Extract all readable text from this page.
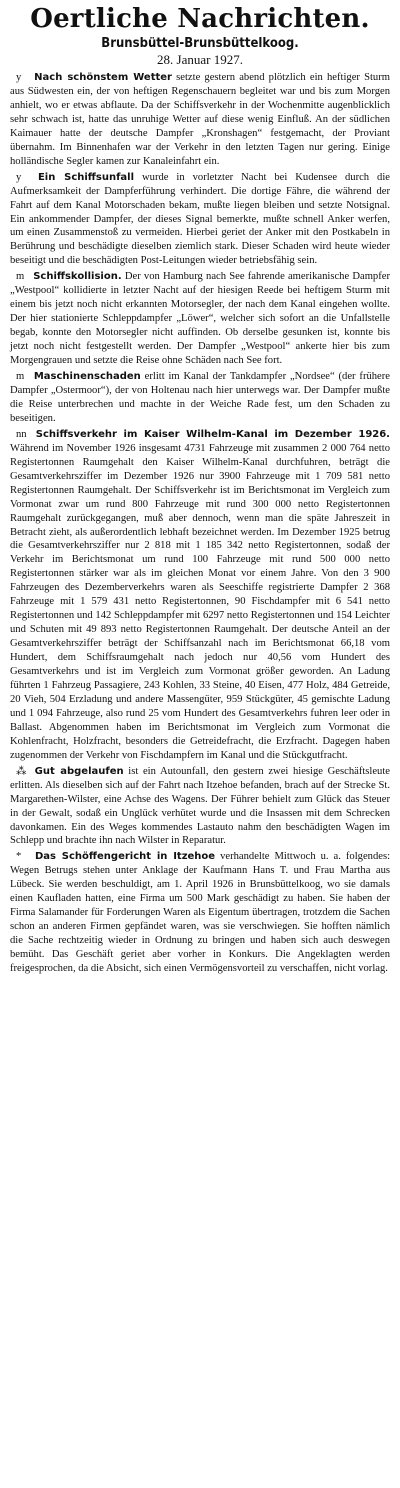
Oertliche Nachrichten.
Brunsbüttel-Brunsbüttelkoog.
28. Januar 1927.

y Nach schönstem Wetter setzte gestern abend plötzlich ein heftiger Sturm aus Südwesten ein, der von heftigen Regenschauern begleitet war und bis zum Morgen anhielt, wo er etwas abflaute. Da der Schiffsverkehr in der Wochenmitte augenblicklich sehr schwach ist, hatte das unruhige Wetter auf diese wenig Einfluß. An der südlichen Kaimauer hatte der deutsche Dampfer „Kronshagen“ festgemacht, der Proviant übernahm. Im Binnenhafen war der Verkehr in den letzten Tagen nur gering. Einige holländische Segler kamen zur Kanaleinfahrt ein.

y Ein Schiffsunfall wurde in vorletzter Nacht bei Kudensee durch die Aufmerksamkeit der Dampferführung verhindert. Die dortige Fähre, die während der Fahrt auf dem Kanal Motorschaden bekam, mußte liegen bleiben und setzte Notsignal. Ein ankommender Dampfer, der dieses Signal bemerkte, mußte schnell Anker werfen, um einen Zusammenstoß zu vermeiden. Hierbei geriet der Anker mit den Postkabeln in Berührung und beschädigte dieselben ziemlich stark. Dieser Schaden wird heute wieder beseitigt und die beschädigten Post-Leitungen wieder betriebsfähig sein.

m Schiffskollision. Der von Hamburg nach See fahrende amerikanische Dampfer „Westpool“ kollidierte in letzter Nacht auf der hiesigen Reede bei heftigem Sturm mit einem bis jetzt noch nicht erkannten Motorsegler, der nach dem Kanal eingehen wollte. Der hier stationierte Schleppdampfer „Löwer“, welcher sich sofort an die Unfallstelle begab, konnte den Motorsegler nicht auffinden. Ob derselbe gesunken ist, konnte bis jetzt noch nicht festgestellt werden. Der Dampfer „Westpool“ ankerte hier bis zum Morgengrauen und setzte die Reise ohne Schäden nach See fort.

m Maschinenschaden erlitt im Kanal der Tankdampfer „Nordsee“ (der frühere Dampfer „Ostermoor“), der von Holtenau nach hier unterwegs war. Der Dampfer mußte die Reise unterbrechen und machte in der Weiche Rade fest, um den Schaden zu beseitigen.

nn Schiffsverkehr im Kaiser Wilhelm-Kanal im Dezember 1926. Während im November 1926 insgesamt 4731 Fahrzeuge mit zusammen 2 000 764 netto Registertonnen Raumgehalt den Kaiser Wilhelm-Kanal durchfuhren, beträgt die Gesamtverkehrsziffer im Dezember 1926 nur 3900 Fahrzeuge mit 1 709 581 netto Registertonnen Raumgehalt. Der Schiffsverkehr ist im Berichtsmonat im Vergleich zum Vormonat zwar um rund 800 Fahrzeuge mit rund 300 000 netto Registertonnen Raumgehalt zurückgegangen, muß aber dennoch, wenn man die späte Jahreszeit in Betracht zieht, als außerordentlich lebhaft bezeichnet werden. Im Dezember 1925 betrug die Gesamtverkehrsziffer nur 2 818 mit 1 185 342 netto Registertonnen, sodaß der Verkehr im Berichtsmonat um rund 100 Fahrzeuge mit rund 500 000 netto Registertonnen stärker war als im gleichen Monat vor einem Jahre. Von den 3 900 Fahrzeugen des Dezemberverkehrs waren als Seeschiffe registrierte Dampfer 2 368 Fahrzeuge mit 1 579 431 netto Registertonnen, 90 Fischdampfer mit 6 541 netto Registertonnen und 142 Schleppdampfer mit 6297 netto Registertonnen und 154 Leichter und Schuten mit 49 893 netto Registertonnen Raumgehalt. Der deutsche Anteil an der Gesamtverkehrsziffer beträgt der Schiffsanzahl nach im Berichtsmonat 66,18 vom Hundert, dem Schiffsraumgehalt nach jedoch nur 40,56 vom Hundert des Gesamtverkehrs und ist im Vergleich zum Vormonat größer geworden. An Ladung führten 1 Fahrzeug Passagiere, 243 Kohlen, 33 Steine, 40 Eisen, 477 Holz, 484 Getreide, 20 Vieh, 504 Erzladung und andere Massengüter, 959 Stückgüter, 45 gemischte Ladung und 1 094 Fahrzeuge, also rund 25 vom Hundert des Gesamtverkehrs fuhren leer oder in Ballast. Abgenommen haben im Berichtsmonat im Vergleich zum Vormonat die Kohlenfracht, Holzfracht, besonders die Getreidefracht, die Erzfracht. Dagegen haben zugenommen der Verkehr von Fischdampfern im Kanal und die Stückgutfracht.

⁂ Gut abgelaufen ist ein Autounfall, den gestern zwei hiesige Geschäftsleute erlitten. Als dieselben sich auf der Fahrt nach Itzehoe befanden, brach auf der Strecke St. Margarethen-Wilster, eine Achse des Wagens. Der Führer behielt zum Glück das Steuer in der Gewalt, sodaß ein Unglück verhütet wurde und die Insassen mit dem Schrecken davonkamen. Ein des Weges kommendes Lastauto nahm den beschädigten Wagen im Schlepp und brachte ihn nach Wilster in Reparatur.

* Das Schöffengericht in Itzehoe verhandelte Mittwoch u. a. folgendes: Wegen Betrugs stehen unter Anklage der Kaufmann Hans T. und Frau Martha aus Lübeck. Sie werden beschuldigt, am 1. April 1926 in Brunsbüttelkoog, wo sie damals einen Kaufladen hatten, eine Firma um 500 Mark geschädigt zu haben. Sie haben der Firma Salamander für Forderungen Waren als Eigentum übertragen, trotzdem die Sachen schon an anderen Firmen gepfändet waren, was sie verschwiegen. Sie hofften nämlich die Sache rechtzeitig wieder in Ordnung zu bringen und haben sich auch deswegen bemüht. Das Geschäft geriet aber vorher in Konkurs. Die Angeklagten werden freigesprochen, da die Absicht, sich einen Vermögensvorteil zu verschaffen, nicht vorlag.
